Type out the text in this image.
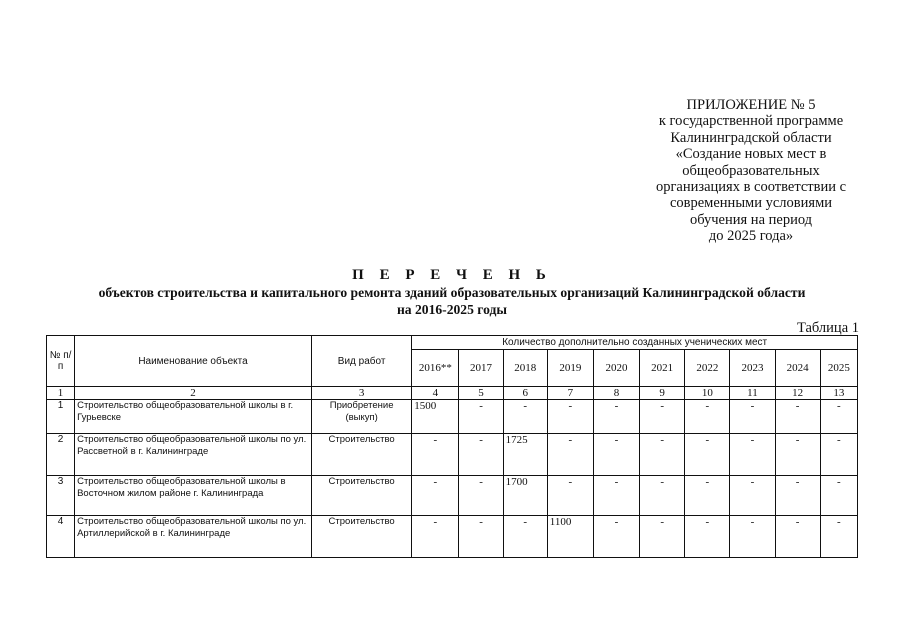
ПРИЛОЖЕНИЕ № 5
к государственной программе
Калининградской области
«Создание новых мест в
общеобразовательных
организациях в соответствии с
современными условиями
обучения на период
до 2025 года»
П Е Р Е Ч Е Н Ь
объектов строительства и капитального ремонта зданий образовательных организаций Калининградской области
на 2016-2025 годы
Таблица 1
№ п/п	Наименование объекта	Вид работ	Количество дополнительно созданных ученических мест									
			2016**	2017	2018	2019	2020	2021	2022	2023	2024	2025
1	2	3	4	5	6	7	8	9	10	11	12	13
1	Строительство общеобразовательной школы в г. Гурьевске	Приобретение (выкуп)	1500	-	-	-	-	-	-	-	-	-
2	Строительство общеобразовательной школы по ул. Рассветной в г. Калининграде	Строительство	-	-	1725	-	-	-	-	-	-	-
3	Строительство общеобразовательной школы в Восточном жилом районе г. Калининграда	Строительство	-	-	1700	-	-	-	-	-	-	-
4	Строительство общеобразовательной школы по ул. Артиллерийской в г. Калининграде	Строительство	-	-	-	1100	-	-	-	-	-	-
